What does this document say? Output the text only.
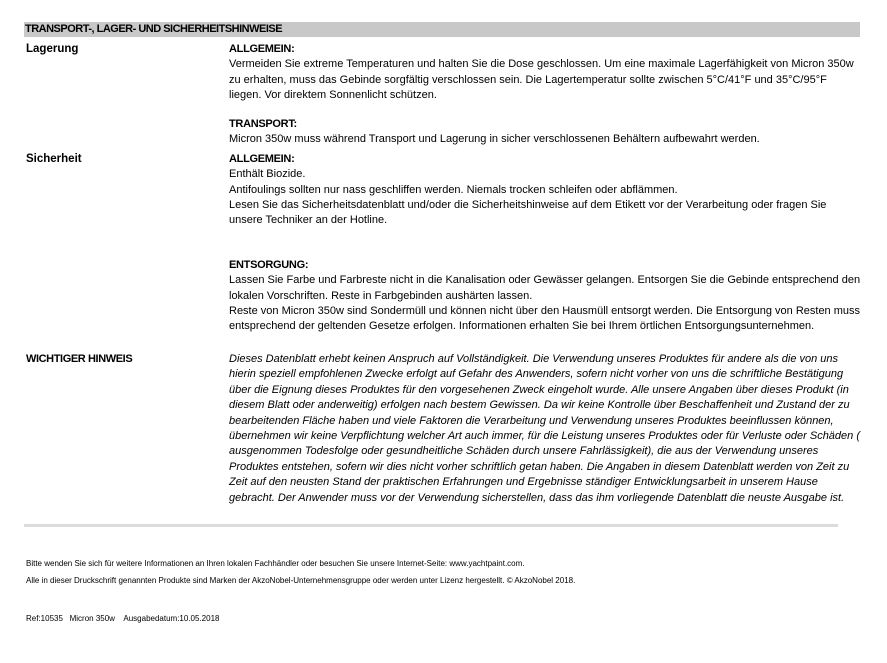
TRANSPORT-, LAGER- UND SICHERHEITSHINWEISE
Lagerung	ALLGEMEIN:

Vermeiden Sie extreme Temperaturen und halten Sie die Dose geschlossen. Um eine maximale Lagerfähigkeit von Micron 350w zu erhalten, muss das Gebinde sorgfältig verschlossen sein. Die Lagertemperatur sollte zwischen 5°C/41°F und 35°C/95°F liegen. Vor direktem Sonnenlicht schützen.

TRANSPORT:

Micron 350w muss während Transport und Lagerung in sicher verschlossenen Behältern aufbewahrt werden.

Sicherheit	ALLGEMEIN:

Enthält Biozide.

Antifoulings sollten nur nass geschliffen werden. Niemals trocken schleifen oder abflämmen.

Lesen Sie das Sicherheitsdatenblatt und/oder die Sicherheitshinweise auf dem Etikett vor der Verarbeitung oder fragen Sie unsere Techniker an der Hotline.

ENTSORGUNG:

Lassen Sie Farbe und Farbreste nicht in die Kanalisation oder Gewässer gelangen. Entsorgen Sie die Gebinde entsprechend den lokalen Vorschriften. Reste in Farbgebinden aushärten lassen.

Reste von Micron 350w sind Sondermüll und können nicht über den Hausmüll entsorgt werden. Die Entsorgung von Resten muss entsprechend der geltenden Gesetze erfolgen. Informationen erhalten Sie bei Ihrem örtlichen Entsorgungsunternehmen.

WICHTIGER HINWEIS	Dieses Datenblatt erhebt keinen Anspruch auf Vollständigkeit. Die Verwendung unseres Produktes für andere als die von uns hierin speziell empfohlenen Zwecke erfolgt auf Gefahr des Anwenders, sofern nicht vorher von uns die schriftliche Bestätigung über die Eignung dieses Produktes für den vorgesehenen Zweck eingeholt wurde. Alle unsere Angaben über dieses Produkt (in diesem Blatt oder anderweitig) erfolgen nach bestem Gewissen. Da wir keine Kontrolle über Beschaffenheit und Zustand der zu bearbeitenden Fläche haben und viele Faktoren die Verarbeitung und Verwendung unseres Produktes beeinflussen können, übernehmen wir keine Verpflichtung welcher Art auch immer, für die Leistung unseres Produktes oder für Verluste oder Schäden ( ausgenommen Todesfolge oder gesundheitliche Schäden durch unsere Fahrlässigkeit), die aus der Verwendung unseres Produktes entstehen, sofern wir dies nicht vorher schriftlich getan haben. Die Angaben in diesem Datenblatt werden von Zeit zu Zeit auf den neusten Stand der praktischen Erfahrungen und Ergebnisse ständiger Entwicklungsarbeit in unserem Hause gebracht. Der Anwender muss vor der Verwendung sicherstellen, dass das ihm vorliegende Datenblatt die neuste Ausgabe ist.
Bitte wenden Sie sich für weitere Informationen an Ihren lokalen Fachhändler oder besuchen Sie unsere Internet-Seite: www.yachtpaint.com.
Alle in dieser Druckschrift genannten Produkte sind Marken der AkzoNobel-Unternehmensgruppe oder werden unter Lizenz hergestellt. © AkzoNobel 2018.
Ref:10535   Micron 350w    Ausgabedatum:10.05.2018
